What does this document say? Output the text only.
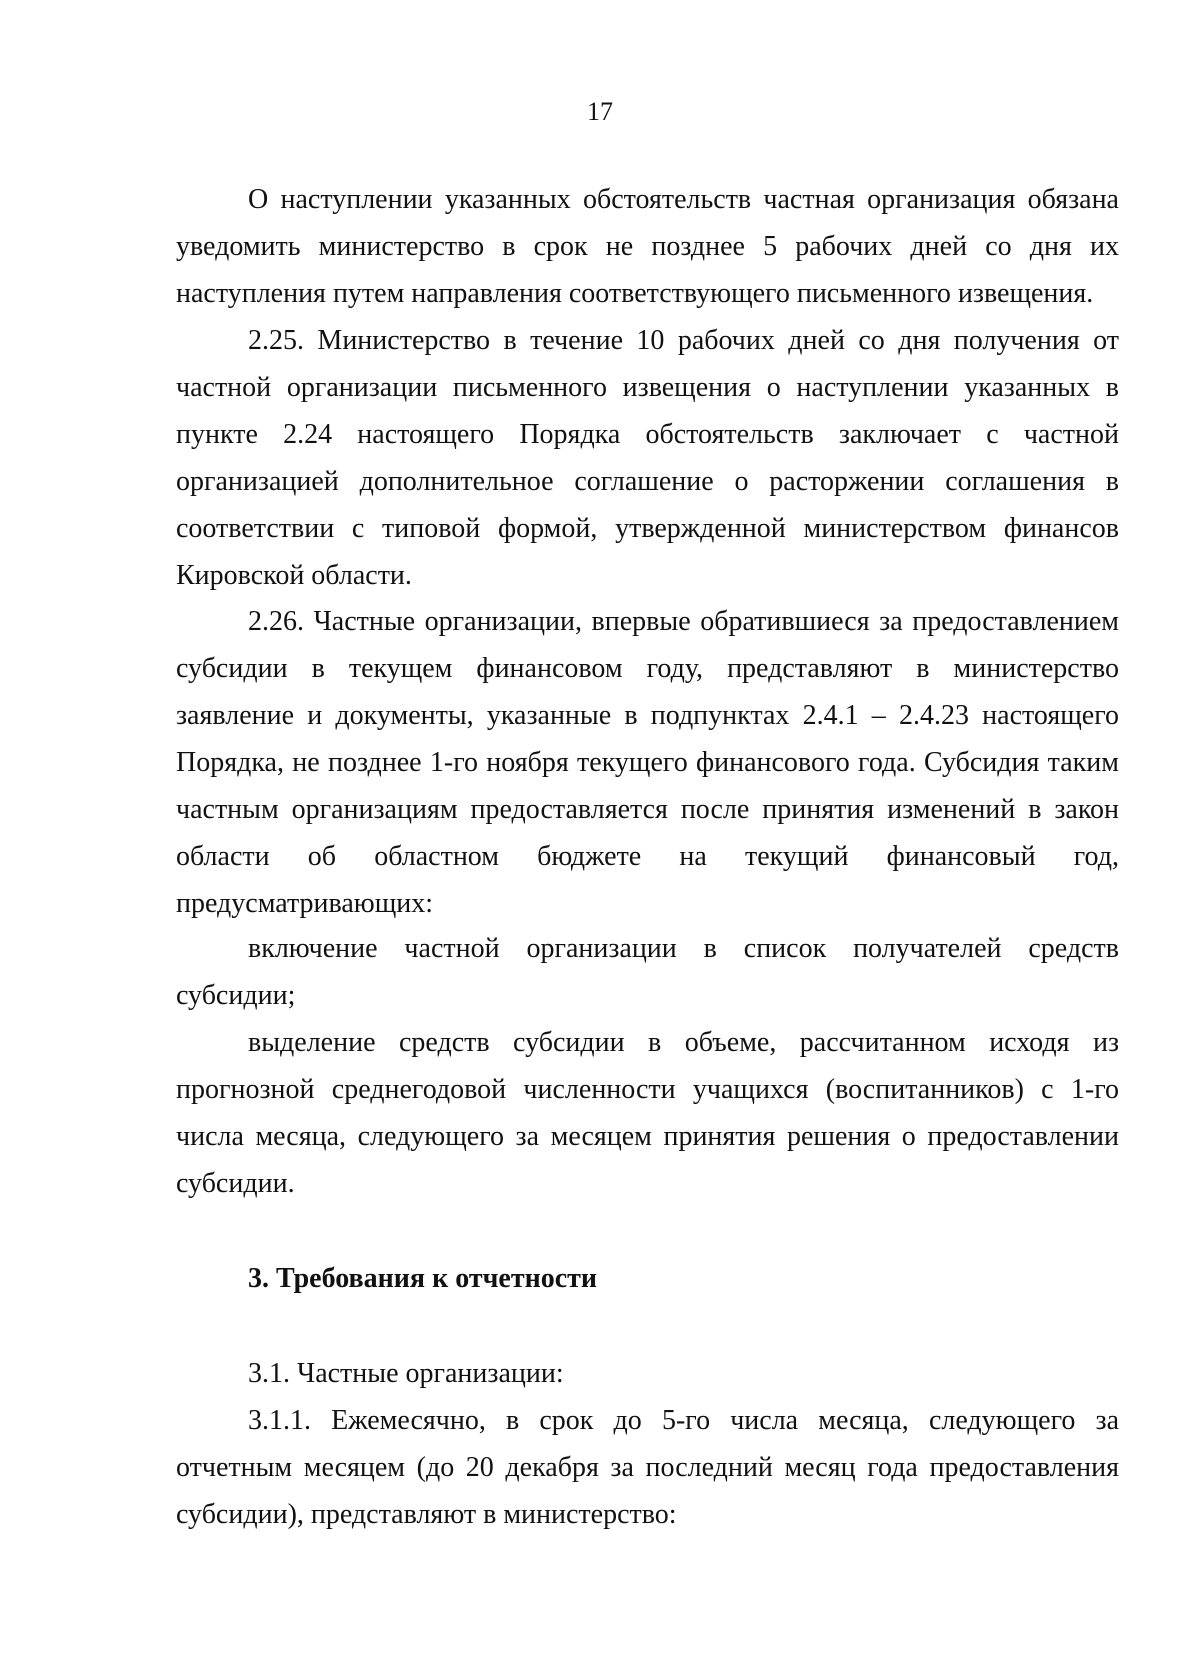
17

О наступлении указанных обстоятельств частная организация обязана уведомить министерство в срок не позднее 5 рабочих дней со дня их наступления путем направления соответствующего письменного извещения.

2.25. Министерство в течение 10 рабочих дней со дня получения от частной организации письменного извещения о наступлении указанных в пункте 2.24 настоящего Порядка обстоятельств заключает с частной организацией дополнительное соглашение о расторжении соглашения в соответствии с типовой формой, утвержденной министерством финансов Кировской области.

2.26. Частные организации, впервые обратившиеся за предоставлением субсидии в текущем финансовом году, представляют в министерство заявление и документы, указанные в подпунктах 2.4.1 – 2.4.23 настоящего Порядка, не позднее 1-го ноября текущего финансового года. Субсидия таким частным организациям предоставляется после принятия изменений в закон области об областном бюджете на текущий финансовый год, предусматривающих:

включение частной организации в список получателей средств субсидии;

выделение средств субсидии в объеме, рассчитанном исходя из прогнозной среднегодовой численности учащихся (воспитанников) с 1-го числа месяца, следующего за месяцем принятия решения о предоставлении субсидии.

3. Требования к отчетности

3.1. Частные организации:

3.1.1. Ежемесячно, в срок до 5-го числа месяца, следующего за отчетным месяцем (до 20 декабря за последний месяц года предоставления субсидии), представляют в министерство:
